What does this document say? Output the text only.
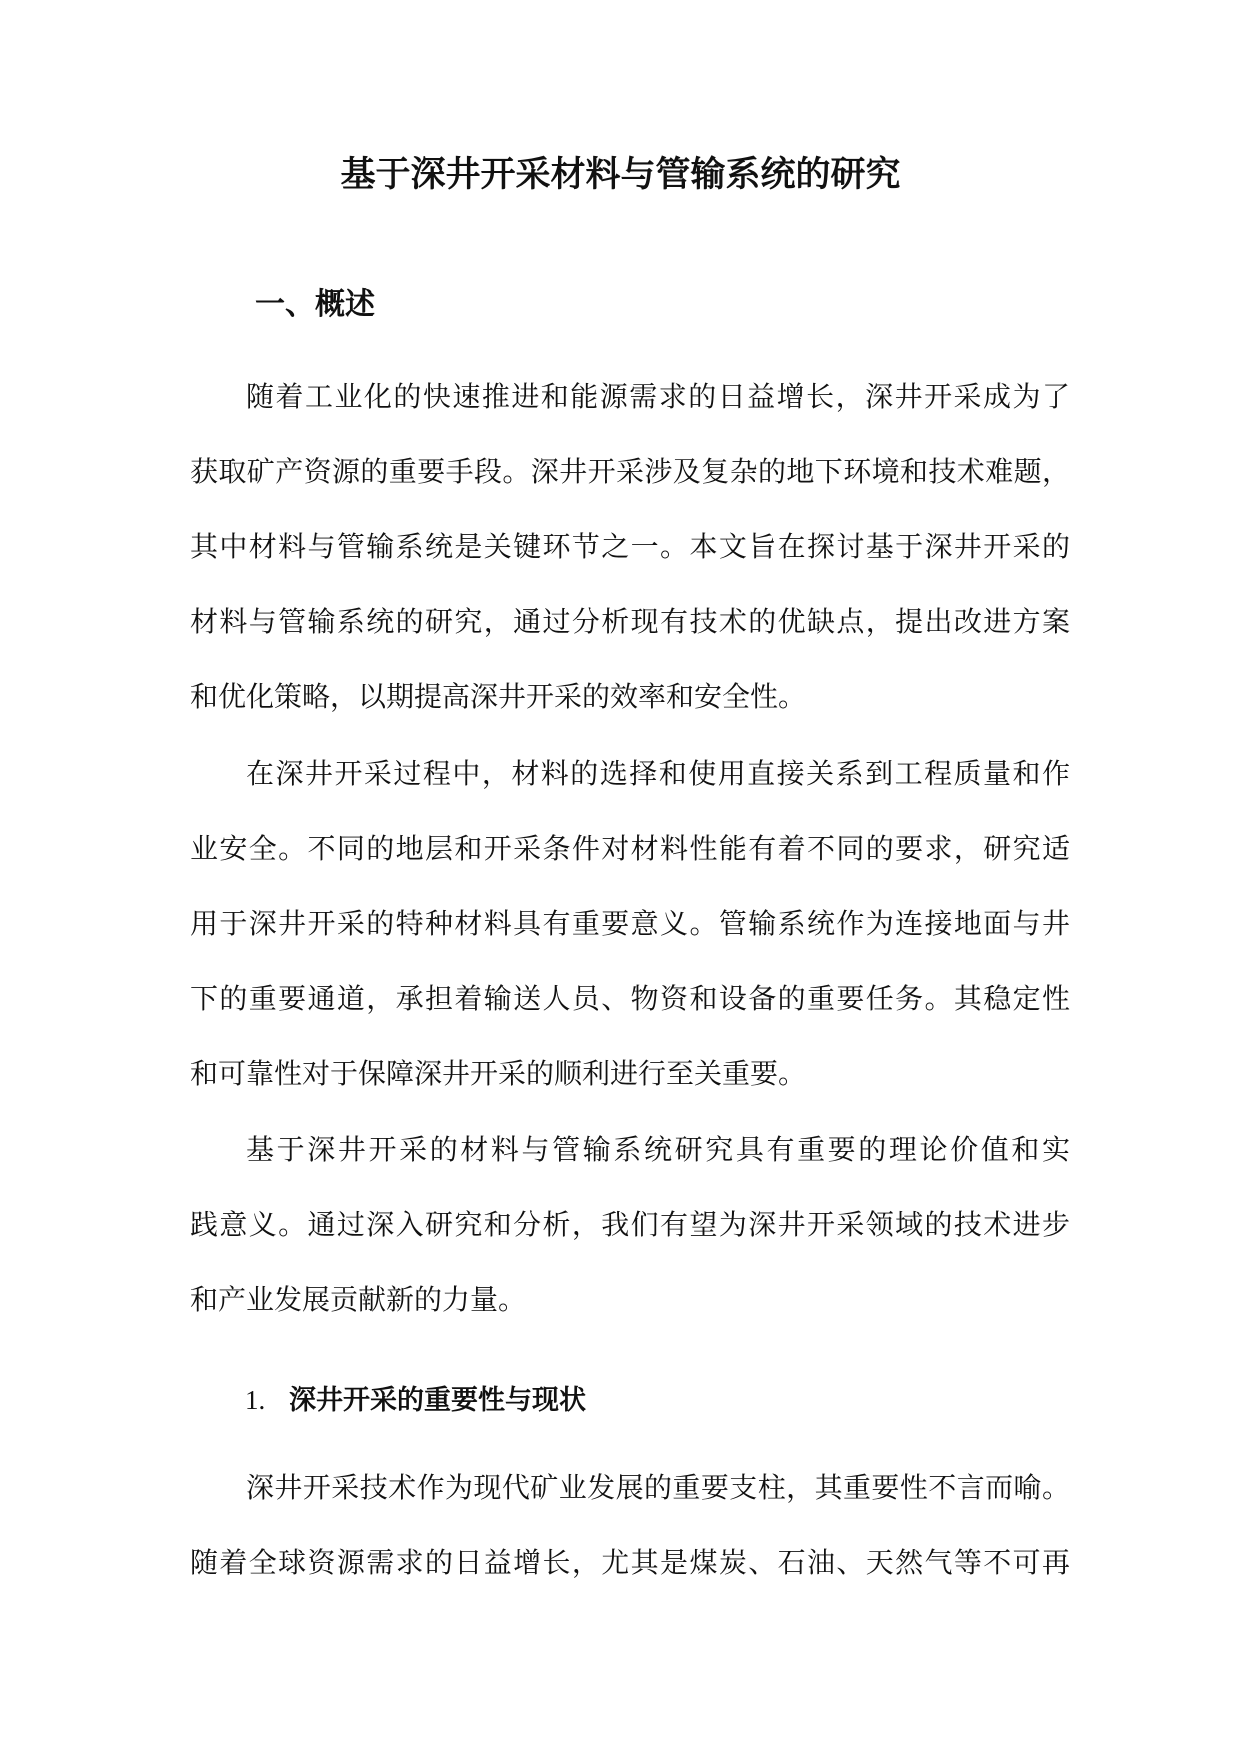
基于深井开采材料与管输系统的研究
一、概述
随着工业化的快速推进和能源需求的日益增长，深井开采成为了
获取矿产资源的重要手段。深井开采涉及复杂的地下环境和技术难题，
其中材料与管输系统是关键环节之一。本文旨在探讨基于深井开采的
材料与管输系统的研究，通过分析现有技术的优缺点，提出改进方案
和优化策略，以期提高深井开采的效率和安全性。
在深井开采过程中，材料的选择和使用直接关系到工程质量和作
业安全。不同的地层和开采条件对材料性能有着不同的要求，研究适
用于深井开采的特种材料具有重要意义。管输系统作为连接地面与井
下的重要通道，承担着输送人员、物资和设备的重要任务。其稳定性
和可靠性对于保障深井开采的顺利进行至关重要。
基于深井开采的材料与管输系统研究具有重要的理论价值和实
践意义。通过深入研究和分析，我们有望为深井开采领域的技术进步
和产业发展贡献新的力量。
1. 深井开采的重要性与现状
深井开采技术作为现代矿业发展的重要支柱，其重要性不言而喻。
随着全球资源需求的日益增长，尤其是煤炭、石油、天然气等不可再
